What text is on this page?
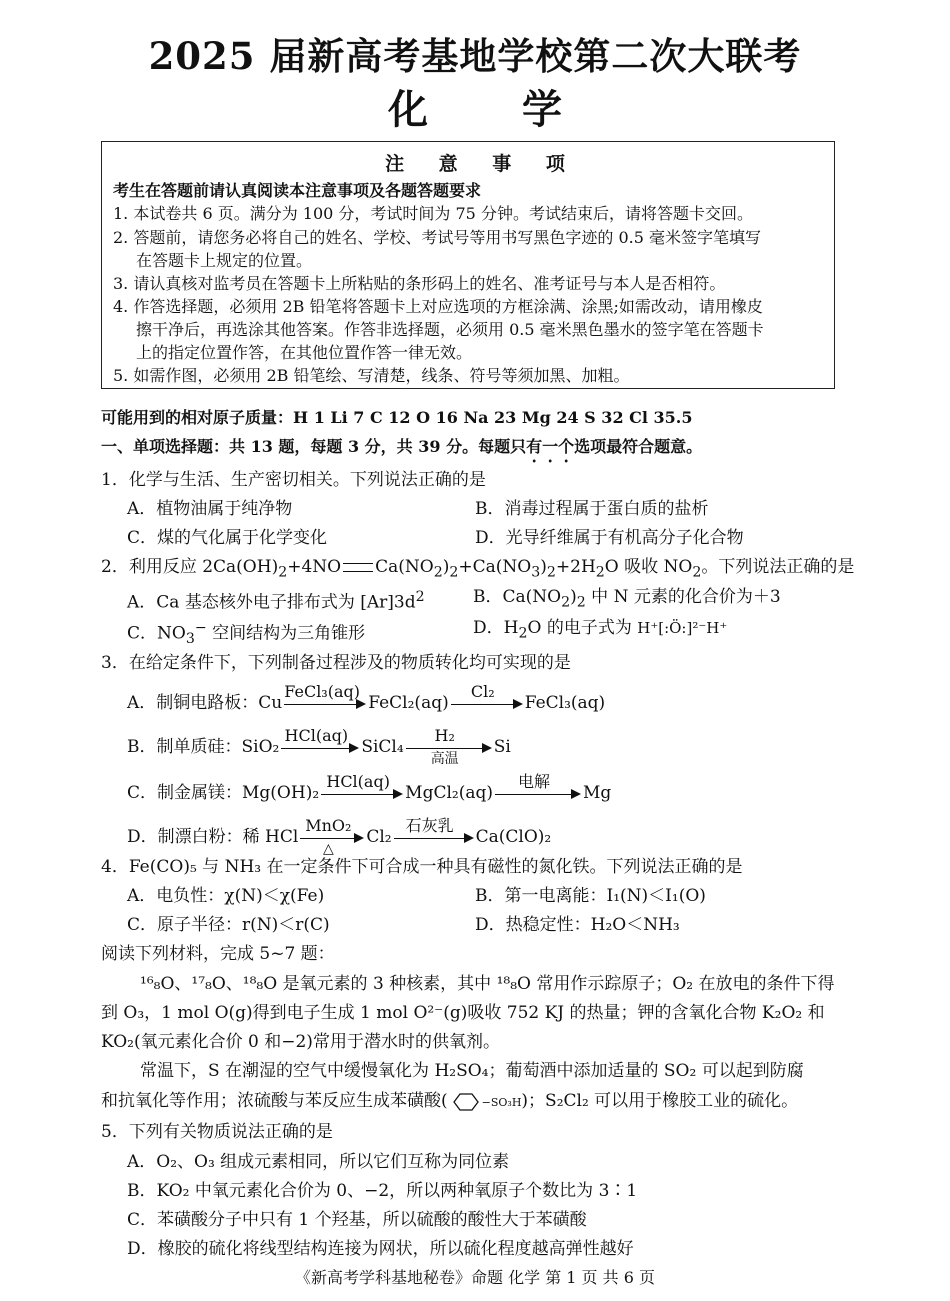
2025 届新高考基地学校第二次大联考
化 学
注 意 事 项
考生在答题前请认真阅读本注意事项及各题答题要求
1. 本试卷共 6 页。满分为 100 分，考试时间为 75 分钟。考试结束后，请将答题卡交回。
2. 答题前，请您务必将自己的姓名、学校、考试号等用书写黑色字迹的 0.5 毫米签字笔填写
在答题卡上规定的位置。
3. 请认真核对监考员在答题卡上所粘贴的条形码上的姓名、准考证号与本人是否相符。
4. 作答选择题，必须用 2B 铅笔将答题卡上对应选项的方框涂满、涂黑;如需改动，请用橡皮
擦干净后，再选涂其他答案。作答非选择题，必须用 0.5 毫米黑色墨水的签字笔在答题卡
上的指定位置作答，在其他位置作答一律无效。
5. 如需作图，必须用 2B 铅笔绘、写清楚，线条、符号等须加黑、加粗。
可能用到的相对原子质量：H 1 Li 7 C 12 O 16 Na 23 Mg 24 S 32 Cl 35.5
一、单项选择题：共 13 题，每题 3 分，共 39 分。每题只有一个选项最符合题意。
1．化学与生活、生产密切相关。下列说法正确的是
A．植物油属于纯净物	B．消毒过程属于蛋白质的盐析
C．煤的气化属于化学变化	D．光导纤维属于有机高分子化合物
2．利用反应 $2Ca(OH)_2+4NO$ $Ca(NO_2)_2+Ca(NO_3)_2+2H_2O$ 吸收 $NO_2$。下列说法正确的是
A．Ca 基态核外电子排布式为 $[Ar]3d^2$	B．$Ca(NO_2)_2$ 中 N 元素的化合价为＋3
C．$NO_3^-$ 空间结构为三角锥形	D．$H_2O$ 的电子式为 H⁺[:Ö:]²⁻H⁺
3．在给定条件下，下列制备过程涉及的物质转化均可实现的是
A．制铜电路板： Cu
FeCl₃(aq)
FeCl₂(aq)
Cl₂
FeCl₃(aq)
B．制单质硅： SiO₂
HCl(aq)
SiCl₄
H₂
高温
Si
C．制金属镁： Mg(OH)₂
HCl(aq)
MgCl₂(aq)
电解
Mg
D．制漂白粉： 稀 HCl
MnO₂
△
Cl₂
石灰乳
Ca(ClO)₂
4．Fe(CO)₅ 与 NH₃ 在一定条件下可合成一种具有磁性的氮化铁。下列说法正确的是
A．电负性：χ(N)＜χ(Fe)	B．第一电离能：I₁(N)＜I₁(O)
C．原子半径：r(N)＜r(C)	D．热稳定性：H₂O＜NH₃
阅读下列材料，完成 5~7 题：
¹⁶₈O、¹⁷₈O、¹⁸₈O 是氧元素的 3 种核素，其中 ¹⁸₈O 常用作示踪原子；O₂ 在放电的条件下得
到 O₃，1 mol O(g)得到电子生成 1 mol O²⁻(g)吸收 752 KJ 的热量；钾的含氧化合物 K₂O₂ 和
KO₂(氧元素化合价 0 和−2)常用于潜水时的供氧剂。
常温下，S 在潮湿的空气中缓慢氧化为 H₂SO₄；葡萄酒中添加适量的 SO₂ 可以起到防腐
和抗氧化等作用；浓硫酸与苯反应生成苯磺酸(	−SO₃H)；S₂Cl₂ 可以用于橡胶工业的硫化。
5．下列有关物质说法正确的是
A．O₂、O₃ 组成元素相同，所以它们互称为同位素
B．KO₂ 中氧元素化合价为 0、−2，所以两种氧原子个数比为 3∶1
C．苯磺酸分子中只有 1 个羟基，所以硫酸的酸性大于苯磺酸
D．橡胶的硫化将线型结构连接为网状，所以硫化程度越高弹性越好
《新高考学科基地秘卷》命题 化学 第 1 页 共 6 页
